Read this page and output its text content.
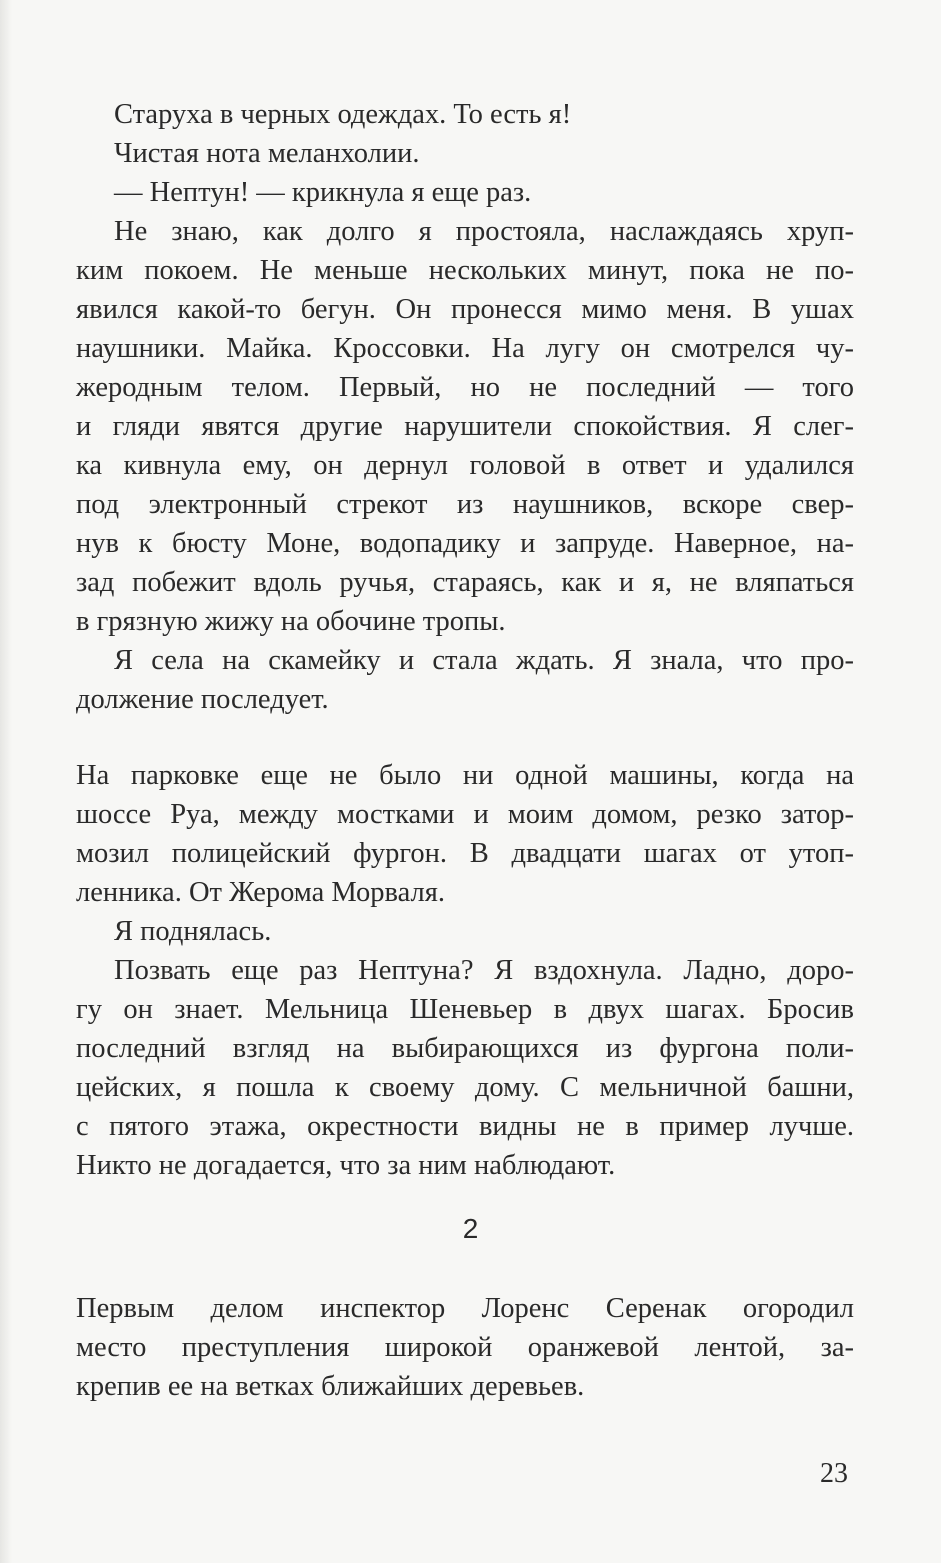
Старуха в черных одеждах. То есть я!
Чистая нота меланхолии.
— Нептун! — крикнула я еще раз.
Не знаю, как долго я простояла, наслаждаясь хруп-
ким покоем. Не меньше нескольких минут, пока не по-
явился какой-то бегун. Он пронесся мимо меня. В ушах
наушники. Майка. Кроссовки. На лугу он смотрелся чу-
жеродным телом. Первый, но не последний — того
и гляди явятся другие нарушители спокойствия. Я слег-
ка кивнула ему, он дернул головой в ответ и удалился
под электронный стрекот из наушников, вскоре свер-
нув к бюсту Моне, водопадику и запруде. Наверное, на-
зад побежит вдоль ручья, стараясь, как и я, не вляпаться
в грязную жижу на обочине тропы.
Я села на скамейку и стала ждать. Я знала, что про-
должение последует.
На парковке еще не было ни одной машины, когда на
шоссе Руа, между мостками и моим домом, резко затор-
мозил полицейский фургон. В двадцати шагах от утоп-
ленника. От Жерома Морваля.
Я поднялась.
Позвать еще раз Нептуна? Я вздохнула. Ладно, доро-
гу он знает. Мельница Шеневьер в двух шагах. Бросив
последний взгляд на выбирающихся из фургона поли-
цейских, я пошла к своему дому. С мельничной башни,
с пятого этажа, окрестности видны не в пример лучше.
Никто не догадается, что за ним наблюдают.
Первым делом инспектор Лоренс Серенак огородил
место преступления широкой оранжевой лентой, за-
крепив ее на ветках ближайших деревьев.
2
23
